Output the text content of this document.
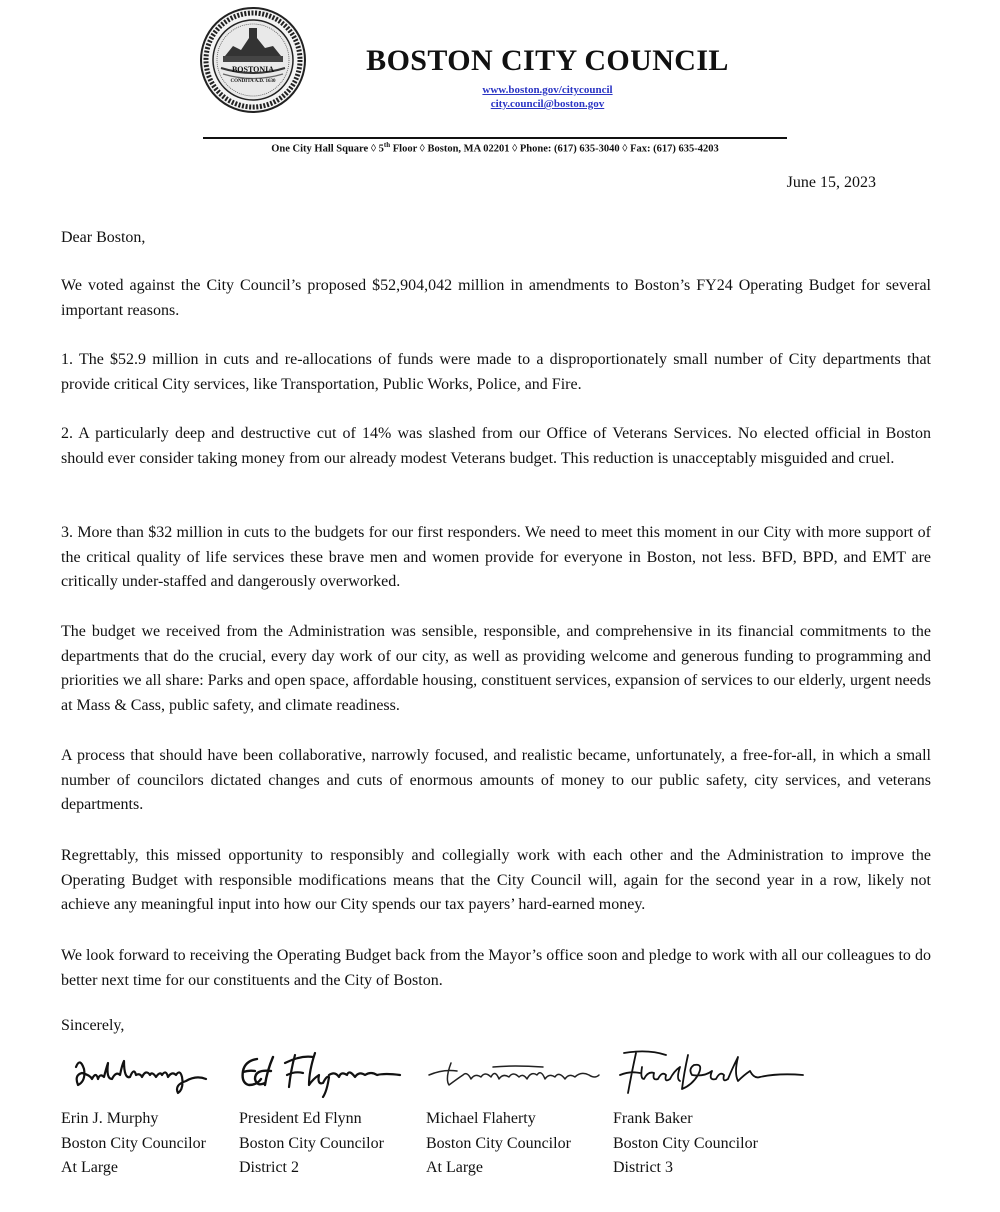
BOSTONIA
CONDITA A.D. 1630
BOSTON CITY COUNCIL
www.boston.gov/citycouncil
city.council@boston.gov
One City Hall Square ◊ 5th Floor ◊ Boston, MA 02201 ◊ Phone: (617) 635-3040 ◊ Fax: (617) 635-4203
June 15, 2023

Dear Boston,

We voted against the City Council’s proposed $52,904,042 million in amendments to Boston’s FY24 Operating Budget for several important reasons.

1. The $52.9 million in cuts and re-allocations of funds were made to a disproportionately small number of City departments that provide critical City services, like Transportation, Public Works, Police, and Fire.

2. A particularly deep and destructive cut of 14% was slashed from our Office of Veterans Services. No elected official in Boston should ever consider taking money from our already modest Veterans budget. This reduction is unacceptably misguided and cruel.

3. More than $32 million in cuts to the budgets for our first responders. We need to meet this moment in our City with more support of the critical quality of life services these brave men and women provide for everyone in Boston, not less. BFD, BPD, and EMT are critically under-staffed and dangerously overworked.

The budget we received from the Administration was sensible, responsible, and comprehensive in its financial commitments to the departments that do the crucial, every day work of our city, as well as providing welcome and generous funding to programming and priorities we all share: Parks and open space, affordable housing, constituent services, expansion of services to our elderly, urgent needs at Mass & Cass, public safety, and climate readiness.

A process that should have been collaborative, narrowly focused, and realistic became, unfortunately, a free-for-all, in which a small number of councilors dictated changes and cuts of enormous amounts of money to our public safety, city services, and veterans departments.

Regrettably, this missed opportunity to responsibly and collegially work with each other and the Administration to improve the Operating Budget with responsible modifications means that the City Council will, again for the second year in a row, likely not achieve any meaningful input into how our City spends our tax payers’ hard-earned money.

We look forward to receiving the Operating Budget back from the Mayor’s office soon and pledge to work with all our colleagues to do better next time for our constituents and the City of Boston.

Sincerely,
Erin J. Murphy
Boston City Councilor
At Large
President Ed Flynn
Boston City Councilor
District 2
Michael Flaherty
Boston City Councilor
At Large
Frank Baker
Boston City Councilor
District 3
